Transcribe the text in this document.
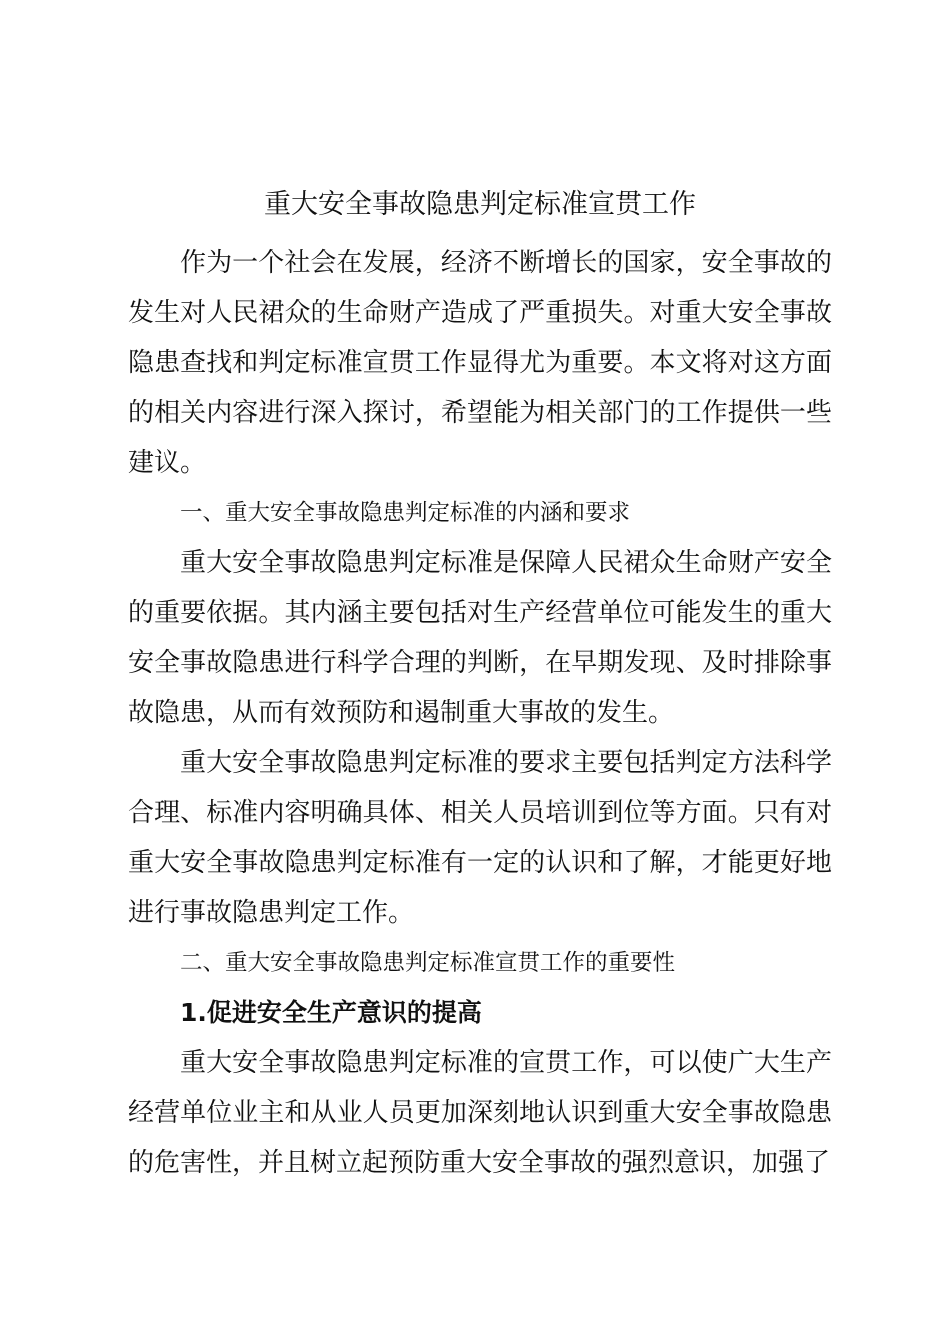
重大安全事故隐患判定标准宣贯工作

作为一个社会在发展，经济不断增长的国家，安全事故的发生对人民裙众的生命财产造成了严重损失。对重大安全事故隐患查找和判定标准宣贯工作显得尤为重要。本文将对这方面的相关内容进行深入探讨，希望能为相关部门的工作提供一些建议。

一、重大安全事故隐患判定标准的内涵和要求

重大安全事故隐患判定标准是保障人民裙众生命财产安全的重要依据。其内涵主要包括对生产经营单位可能发生的重大安全事故隐患进行科学合理的判断，在早期发现、及时排除事故隐患，从而有效预防和遏制重大事故的发生。

重大安全事故隐患判定标准的要求主要包括判定方法科学合理、标准内容明确具体、相关人员培训到位等方面。只有对重大安全事故隐患判定标准有一定的认识和了解，才能更好地进行事故隐患判定工作。

二、重大安全事故隐患判定标准宣贯工作的重要性

1.促进安全生产意识的提高

重大安全事故隐患判定标准的宣贯工作，可以使广大生产经营单位业主和从业人员更加深刻地认识到重大安全事故隐患的危害性，并且树立起预防重大安全事故的强烈意识，加强了
